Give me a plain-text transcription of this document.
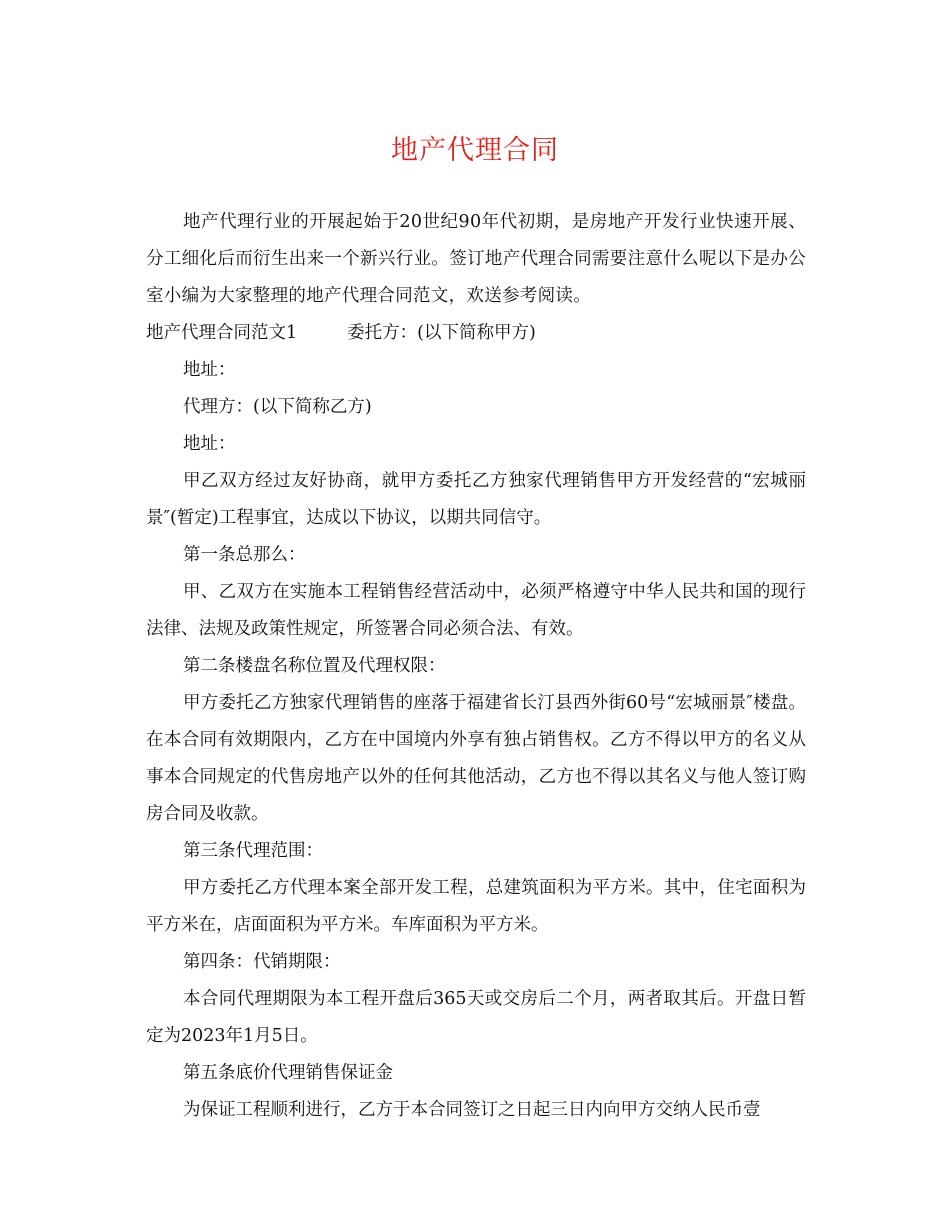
地产代理合同

地产代理行业的开展起始于20世纪90年代初期，是房地产开发行业快速开展、分工细化后而衍生出来一个新兴行业。签订地产代理合同需要注意什么呢以下是办公室小编为大家整理的地产代理合同范文，欢送参考阅读。

地产代理合同范文1	委托方：(以下简称甲方)

地址：

代理方：(以下简称乙方)

地址：

甲乙双方经过友好协商，就甲方委托乙方独家代理销售甲方开发经营的“宏城丽景″(暂定)工程事宜，达成以下协议，以期共同信守。

第一条总那么：

甲、乙双方在实施本工程销售经营活动中，必须严格遵守中华人民共和国的现行法律、法规及政策性规定，所签署合同必须合法、有效。

第二条楼盘名称位置及代理权限：

甲方委托乙方独家代理销售的座落于福建省长汀县西外街60号“宏城丽景″楼盘。在本合同有效期限内，乙方在中国境内外享有独占销售权。乙方不得以甲方的名义从事本合同规定的代售房地产以外的任何其他活动，乙方也不得以其名义与他人签订购房合同及收款。

第三条代理范围：

甲方委托乙方代理本案全部开发工程，总建筑面积为平方米。其中，住宅面积为平方米在，店面面积为平方米。车库面积为平方米。

第四条：代销期限：

本合同代理期限为本工程开盘后365天或交房后二个月，两者取其后。开盘日暂定为2023年1月5日。

第五条底价代理销售保证金

为保证工程顺利进行，乙方于本合同签订之日起三日内向甲方交纳人民币壹
